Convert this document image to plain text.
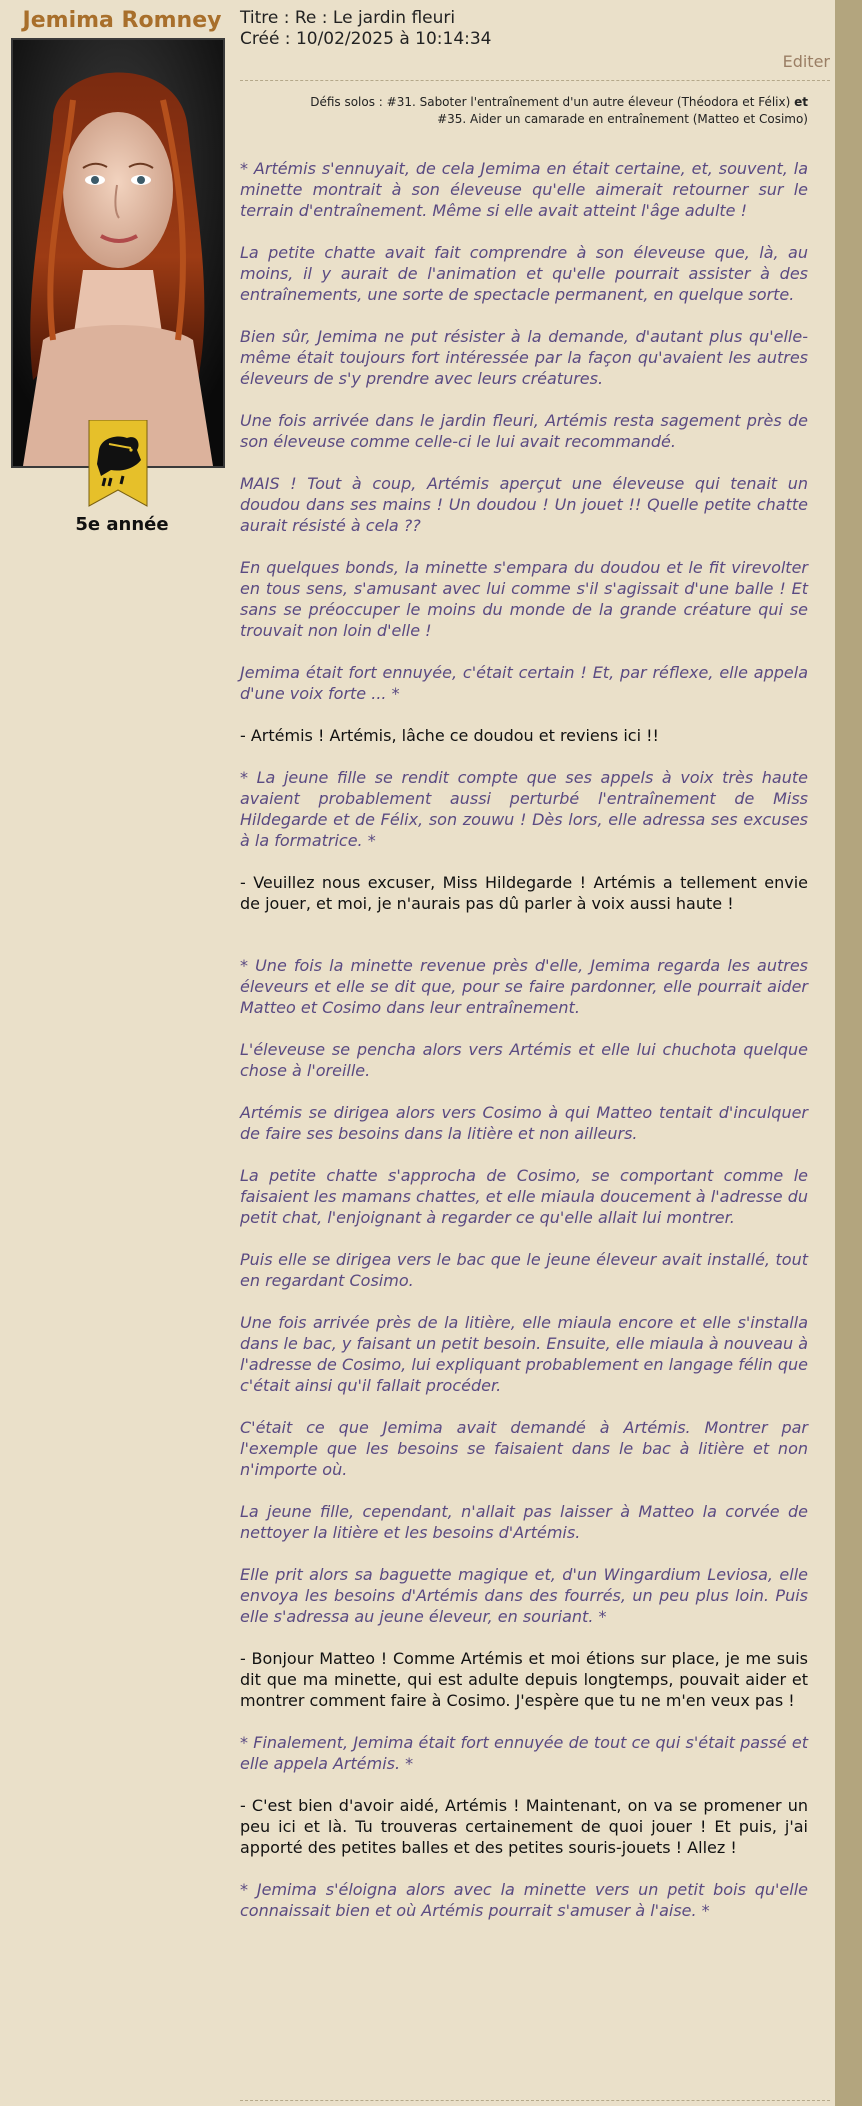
Jemima Romney
5e année
Titre : Re : Le jardin fleuri
Créé : 10/02/2025 à 10:14:34
Editer
Défis solos : #31. Saboter l'entraînement d'un autre éleveur (Théodora et Félix) et
#35. Aider un camarade en entraînement (Matteo et Cosimo)

* Artémis s'ennuyait, de cela Jemima en était certaine, et, souvent, la minette montrait à son éleveuse qu'elle aimerait retourner sur le terrain d'entraînement. Même si elle avait atteint l'âge adulte !

La petite chatte avait fait comprendre à son éleveuse que, là, au moins, il y aurait de l'animation et qu'elle pourrait assister à des entraînements, une sorte de spectacle permanent, en quelque sorte.

Bien sûr, Jemima ne put résister à la demande, d'autant plus qu'elle-même était toujours fort intéressée par la façon qu'avaient les autres éleveurs de s'y prendre avec leurs créatures.

Une fois arrivée dans le jardin fleuri, Artémis resta sagement près de son éleveuse comme celle-ci le lui avait recommandé.

MAIS ! Tout à coup, Artémis aperçut une éleveuse qui tenait un doudou dans ses mains ! Un doudou ! Un jouet !! Quelle petite chatte aurait résisté à cela ??

En quelques bonds, la minette s'empara du doudou et le fit virevolter en tous sens, s'amusant avec lui comme s'il s'agissait d'une balle ! Et sans se préoccuper le moins du monde de la grande créature qui se trouvait non loin d'elle !

Jemima était fort ennuyée, c'était certain ! Et, par réflexe, elle appela d'une voix forte ... *

- Artémis ! Artémis, lâche ce doudou et reviens ici !!

* La jeune fille se rendit compte que ses appels à voix très haute avaient probablement aussi perturbé l'entraînement de Miss Hildegarde et de Félix, son zouwu ! Dès lors, elle adressa ses excuses à la formatrice. *

- Veuillez nous excuser, Miss Hildegarde ! Artémis a tellement envie de jouer, et moi, je n'aurais pas dû parler à voix aussi haute !

* Une fois la minette revenue près d'elle, Jemima regarda les autres éleveurs et elle se dit que, pour se faire pardonner, elle pourrait aider Matteo et Cosimo dans leur entraînement.

L'éleveuse se pencha alors vers Artémis et elle lui chuchota quelque chose à l'oreille.

Artémis se dirigea alors vers Cosimo à qui Matteo tentait d'inculquer de faire ses besoins dans la litière et non ailleurs.

La petite chatte s'approcha de Cosimo, se comportant comme le faisaient les mamans chattes, et elle miaula doucement à l'adresse du petit chat, l'enjoignant à regarder ce qu'elle allait lui montrer.

Puis elle se dirigea vers le bac que le jeune éleveur avait installé, tout en regardant Cosimo.

Une fois arrivée près de la litière, elle miaula encore et elle s'installa dans le bac, y faisant un petit besoin. Ensuite, elle miaula à nouveau à l'adresse de Cosimo, lui expliquant probablement en langage félin que c'était ainsi qu'il fallait procéder.

C'était ce que Jemima avait demandé à Artémis. Montrer par l'exemple que les besoins se faisaient dans le bac à litière et non n'importe où.

La jeune fille, cependant, n'allait pas laisser à Matteo la corvée de nettoyer la litière et les besoins d'Artémis.

Elle prit alors sa baguette magique et, d'un Wingardium Leviosa, elle envoya les besoins d'Artémis dans des fourrés, un peu plus loin. Puis elle s'adressa au jeune éleveur, en souriant. *

- Bonjour Matteo ! Comme Artémis et moi étions sur place, je me suis dit que ma minette, qui est adulte depuis longtemps, pouvait aider et montrer comment faire à Cosimo. J'espère que tu ne m'en veux pas !

* Finalement, Jemima était fort ennuyée de tout ce qui s'était passé et elle appela Artémis. *

- C'est bien d'avoir aidé, Artémis ! Maintenant, on va se promener un peu ici et là. Tu trouveras certainement de quoi jouer ! Et puis, j'ai apporté des petites balles et des petites souris-jouets ! Allez !

* Jemima s'éloigna alors avec la minette vers un petit bois qu'elle connaissait bien et où Artémis pourrait s'amuser à l'aise. *
